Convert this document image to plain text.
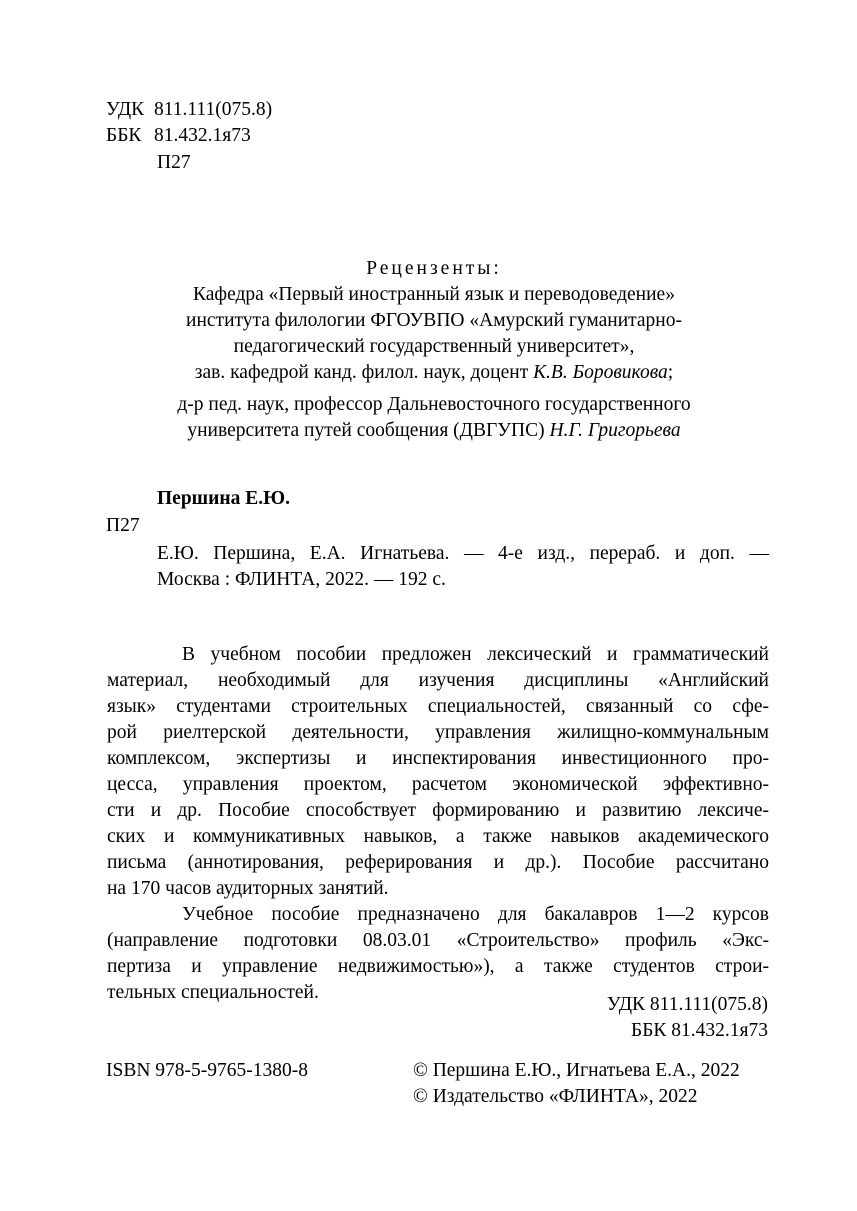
УДК 811.111(075.8)
ББК 81.432.1я73
П27
Рецензенты:
Кафедра «Первый иностранный язык и переводоведение»
института филологии ФГОУВПО «Амурский гуманитарно-
педагогический государственный университет»,
зав. кафедрой канд. филол. наук, доцент К.В. Боровикова;
д-р пед. наук, профессор Дальневосточного государственного
университета путей сообщения (ДВГУПС) Н.Г. Григорьева
Першина Е.Ю.
П27
Е.Ю. Першина, Е.А. Игнатьева. — 4-е изд., перераб. и доп. —
Москва : ФЛИНТА, 2022. — 192 с.
В учебном пособии предложен лексический и грамматический
материал, необходимый для изучения дисциплины «Английский
язык» студентами строительных специальностей, связанный со сфе-
рой риелтерской деятельности, управления жилищно-коммунальным
комплексом, экспертизы и инспектирования инвестиционного про-
цесса, управления проектом, расчетом экономической эффективно-
сти и др. Пособие способствует формированию и развитию лексиче-
ских и коммуникативных навыков, а также навыков академического
письма (аннотирования, реферирования и др.). Пособие рассчитано
на 170 часов аудиторных занятий.
Учебное пособие предназначено для бакалавров 1—2 курсов
(направление подготовки 08.03.01 «Строительство» профиль «Экс-
пертиза и управление недвижимостью»), а также студентов строи-
тельных специальностей.
УДК 811.111(075.8)
ББК 81.432.1я73
ISBN 978-5-9765-1380-8	© Першина Е.Ю., Игнатьева Е.А., 2022
© Издательство «ФЛИНТА», 2022
